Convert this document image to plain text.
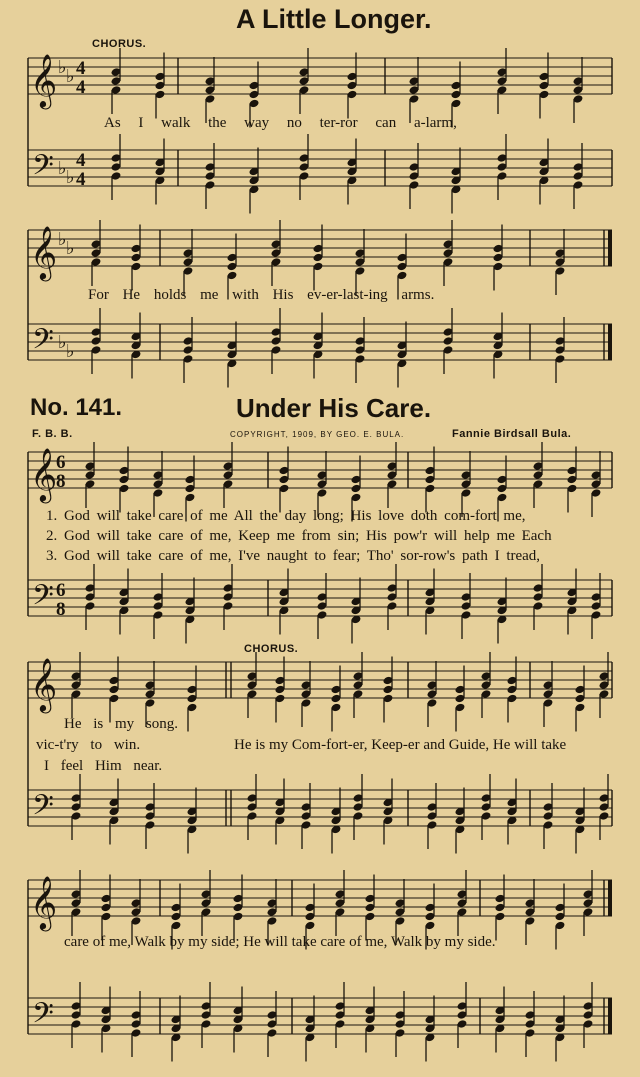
A Little Longer.
CHORUS.
𝄞 ♭ ♭ 4
4
𝄢 ♭ ♭
4
4
𝄞 ♭ ♭
𝄢 ♭ ♭
𝄞
6
8
𝄢 6
8
𝄞
𝄢
𝄞
𝄢
As I walk the way no ter-ror can a-larm,
For He holds me with His ev-er-last-ing arms.
No. 141.	Under His Care.
F. B. B.	COPYRIGHT, 1909, BY GEO. E. BULA.	Fannie Birdsall Bula.
1. God will take care of me All the day long; His love doth com-fort me,
2. God will take care of me, Keep me from sin; His pow'r will help me Each
3. God will take care of me, I've naught to fear; Tho' sor-row's path I tread,
CHORUS.
He is my song.
vic-t'ry to win.
I feel Him near.
He is my Com-fort-er, Keep-er and Guide, He will take
care of me, Walk by my side; He will take care of me, Walk by my side.
